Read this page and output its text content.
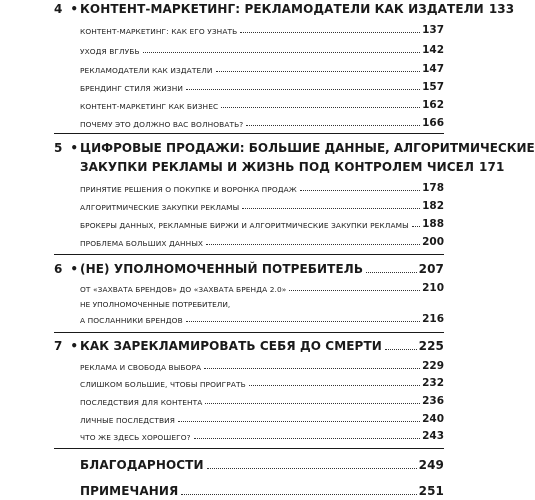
4 • КОНТЕНТ-МАРКЕТИНГ: РЕКЛАМОДАТЕЛИ КАК ИЗДАТЕЛИ 133
КОНТЕНТ-МАРКЕТИНГ: КАК ЕГО УЗНАТЬ	137
УХОДЯ ВГЛУБЬ	142
РЕКЛАМОДАТЕЛИ КАК ИЗДАТЕЛИ	147
БРЕНДИНГ СТИЛЯ ЖИЗНИ	157
КОНТЕНТ-МАРКЕТИНГ КАК БИЗНЕС	162
ПОЧЕМУ ЭТО ДОЛЖНО ВАС ВОЛНОВАТЬ?	166
5 • ЦИФРОВЫЕ ПРОДАЖИ: БОЛЬШИЕ ДАННЫЕ, АЛГОРИТМИЧЕСКИЕ
ЗАКУПКИ РЕКЛАМЫ И ЖИЗНЬ ПОД КОНТРОЛЕМ ЧИСЕЛ 171
ПРИНЯТИЕ РЕШЕНИЯ О ПОКУПКЕ И ВОРОНКА ПРОДАЖ	178
АЛГОРИТМИЧЕСКИЕ ЗАКУПКИ РЕКЛАМЫ	182
БРОКЕРЫ ДАННЫХ, РЕКЛАМНЫЕ БИРЖИ И АЛГОРИТМИЧЕСКИЕ ЗАКУПКИ РЕКЛАМЫ 188
ПРОБЛЕМА БОЛЬШИХ ДАННЫХ	200
6 • (НЕ) УПОЛНОМОЧЕННЫЙ ПОТРЕБИТЕЛЬ	207
ОТ «ЗАХВАТА БРЕНДОВ» ДО «ЗАХВАТА БРЕНДА 2.0»	210
НЕ УПОЛНОМОЧЕННЫЕ ПОТРЕБИТЕЛИ,
А ПОСЛАННИКИ БРЕНДОВ	216
7 • КАК ЗАРЕКЛАМИРОВАТЬ СЕБЯ ДО СМЕРТИ	225
РЕКЛАМА И СВОБОДА ВЫБОРА	229
СЛИШКОМ БОЛЬШИЕ, ЧТОБЫ ПРОИГРАТЬ	232
ПОСЛЕДСТВИЯ ДЛЯ КОНТЕНТА	236
ЛИЧНЫЕ ПОСЛЕДСТВИЯ	240
ЧТО ЖЕ ЗДЕСЬ ХОРОШЕГО?	243
БЛАГОДАРНОСТИ	249
ПРИМЕЧАНИЯ	251
